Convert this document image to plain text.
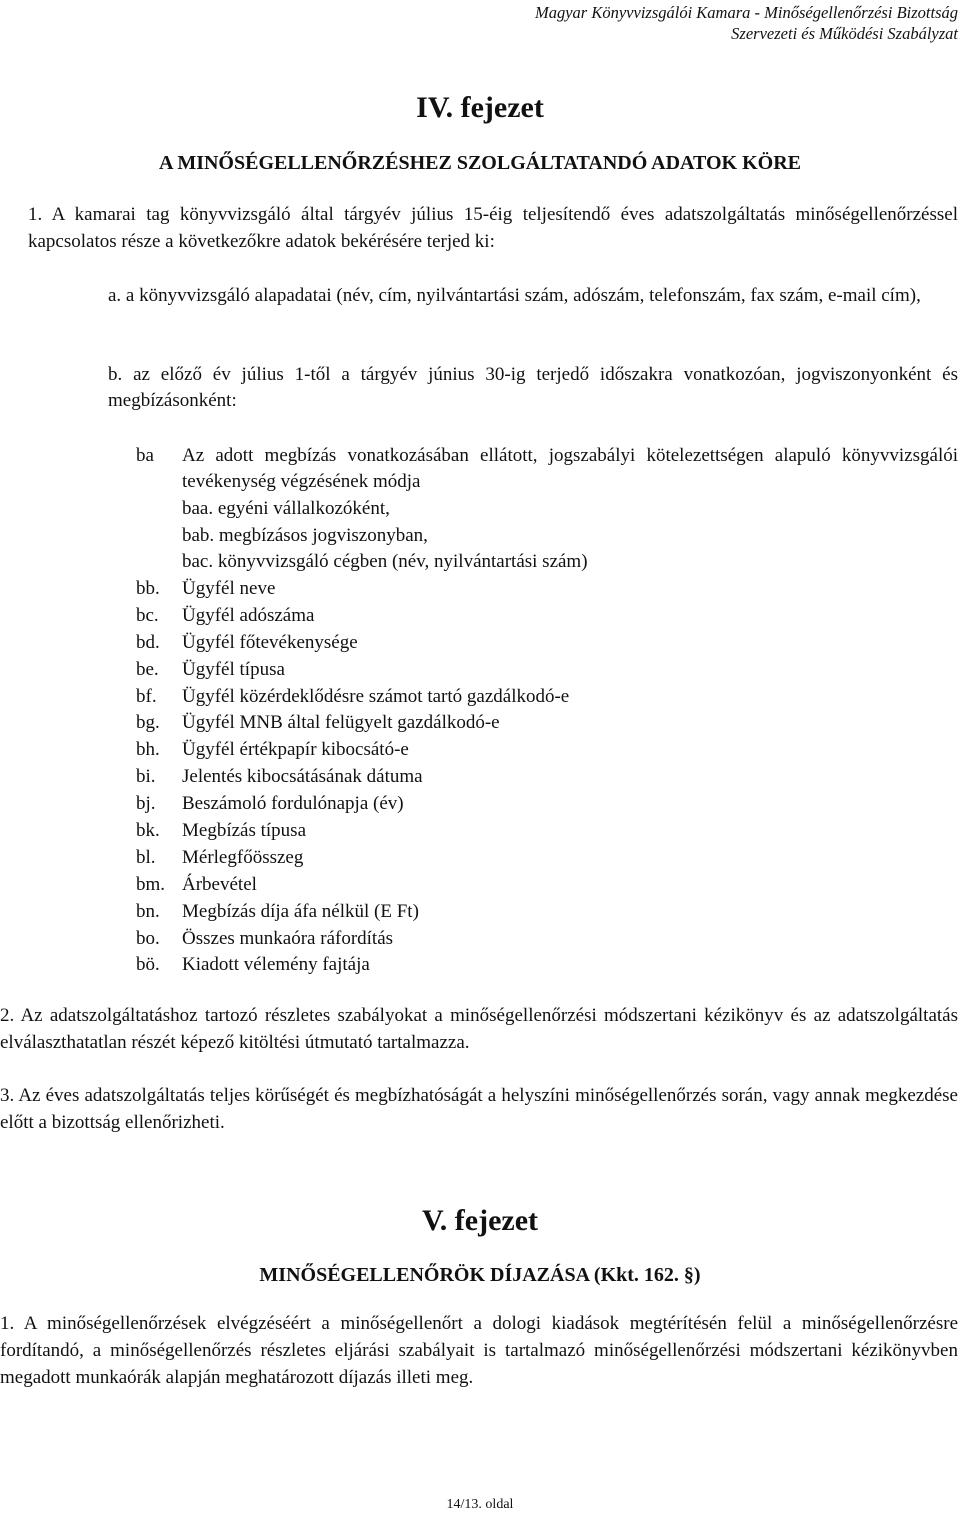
Magyar Könyvvizsgálói Kamara - Minőségellenőrzési Bizottság
Szervezeti és Működési Szabályzat
IV. fejezet
A MINŐSÉGELLENŐRZÉSHEZ SZOLGÁLTATANDÓ ADATOK KÖRE

1. A kamarai tag könyvvizsgáló által tárgyév július 15-éig teljesítendő éves adatszolgáltatás minőségellenőrzéssel kapcsolatos része a következőkre adatok bekérésére terjed ki:

a. a könyvvizsgáló alapadatai (név, cím, nyilvántartási szám, adószám, telefonszám, fax szám, e-mail cím),

b. az előző év július 1-től a tárgyév június 30-ig terjedő időszakra vonatkozóan, jogviszonyonként és megbízásonként:

ba Az adott megbízás vonatkozásában ellátott, jogszabályi kötelezettségen alapuló könyvvizsgálói tevékenység végzésének módja
baa. egyéni vállalkozóként,
bab. megbízásos jogviszonyban,
bac. könyvvizsgáló cégben (név, nyilvántartási szám)
bb. Ügyfél neve
bc. Ügyfél adószáma
bd. Ügyfél főtevékenysége
be. Ügyfél típusa
bf. Ügyfél közérdeklődésre számot tartó gazdálkodó-e
bg. Ügyfél MNB által felügyelt gazdálkodó-e
bh. Ügyfél értékpapír kibocsátó-e
bi. Jelentés kibocsátásának dátuma
bj. Beszámoló fordulónapja (év)
bk. Megbízás típusa
bl. Mérlegfőösszeg
bm. Árbevétel
bn. Megbízás díja áfa nélkül (E Ft)
bo. Összes munkaóra ráfordítás
bö. Kiadott vélemény fajtája

2. Az adatszolgáltatáshoz tartozó részletes szabályokat a minőségellenőrzési módszertani kézikönyv és az adatszolgáltatás elválaszthatatlan részét képező kitöltési útmutató tartalmazza.

3. Az éves adatszolgáltatás teljes körűségét és megbízhatóságát a helyszíni minőségellenőrzés során, vagy annak megkezdése előtt a bizottság ellenőrizheti.

V. fejezet
MINŐSÉGELLENŐRÖK DÍJAZÁSA (Kkt. 162. §)

1. A minőségellenőrzések elvégzéséért a minőségellenőrt a dologi kiadások megtérítésén felül a minőségellenőrzésre fordítandó, a minőségellenőrzés részletes eljárási szabályait is tartalmazó minőségellenőrzési módszertani kézikönyvben megadott munkaórák alapján meghatározott díjazás illeti meg.

14/13. oldal
